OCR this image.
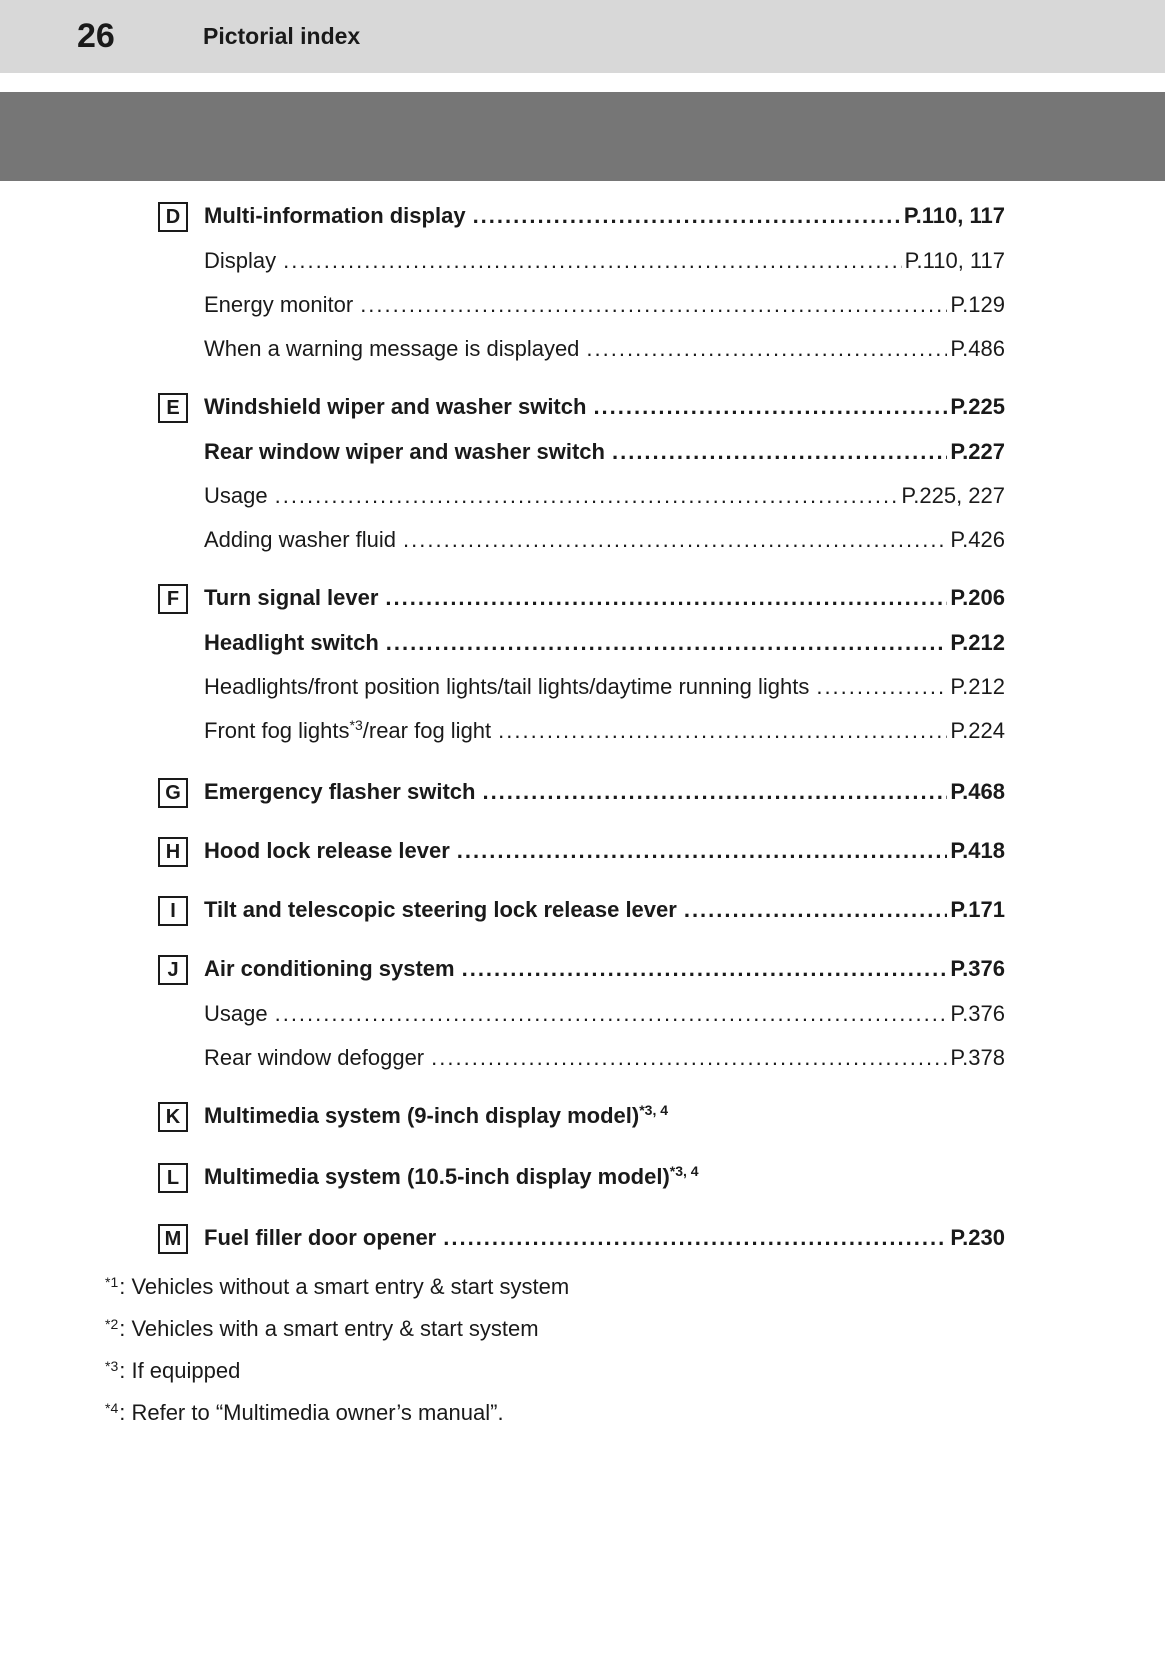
26	Pictorial index
D	Multi-information display .....	P.110, 117
Display .....	P.110, 117
Energy monitor .....	P.129
When a warning message is displayed .....	P.486
E	Windshield wiper and washer switch .....	P.225
Rear window wiper and washer switch .....	P.227
Usage .....	P.225, 227
Adding washer fluid .....	P.426
F	Turn signal lever .....	P.206
Headlight switch .....	P.212
Headlights/front position lights/tail lights/daytime running lights .....	P.212
Front fog lights *3 /rear fog light .....	P.224
G	Emergency flasher switch .....	P.468
H	Hood lock release lever .....	P.418
I	Tilt and telescopic steering lock release lever .....	P.171
J	Air conditioning system .....	P.376
Usage .....	P.376
Rear window defogger .....	P.378
K	Multimedia system (9-inch display model) *3, 4
L	Multimedia system (10.5-inch display model) *3, 4
M	Fuel filler door opener .....	P.230
$^{*1}$: Vehicles without a smart entry & start system
$^{*2}$: Vehicles with a smart entry & start system
$^{*3}$: If equipped
$^{*4}$: Refer to “Multimedia owner’s manual”.
